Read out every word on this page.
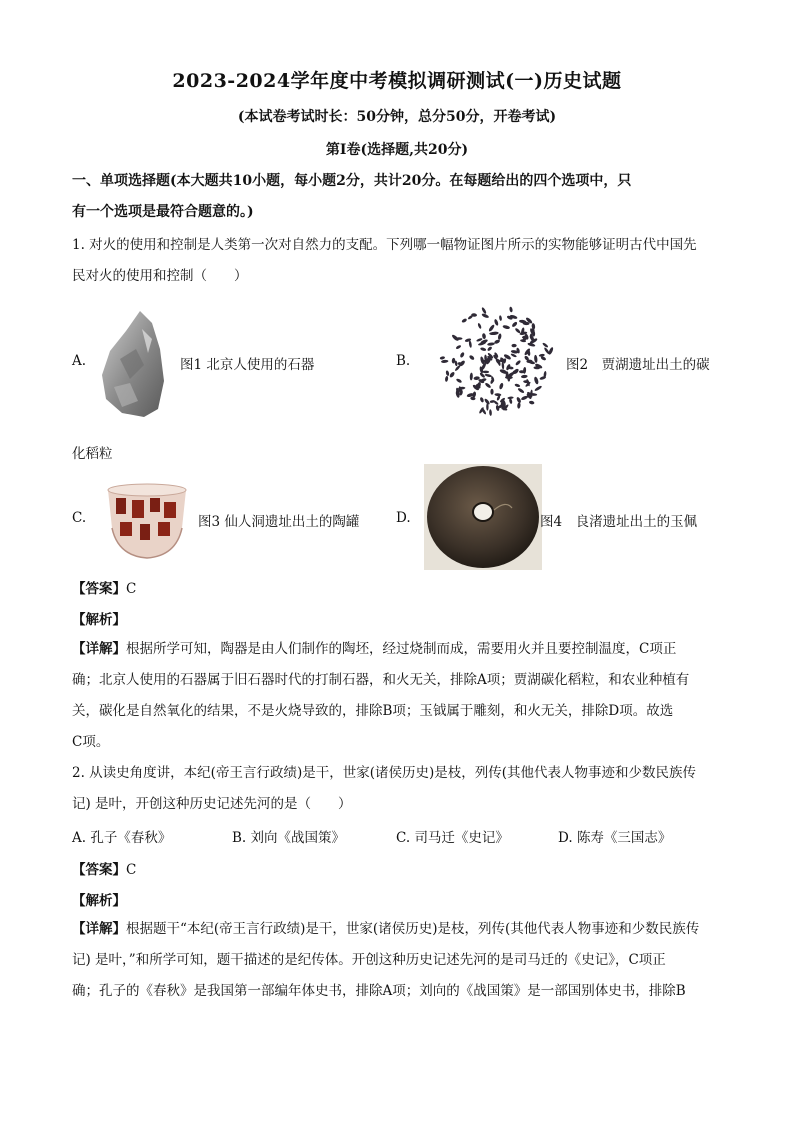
2023-2024学年度中考模拟调研测试(一)历史试题
(本试卷考试时长：50分钟，总分50分，开卷考试)
第Ⅰ卷(选择题,共20分)
一、单项选择题(本大题共10小题，每小题2分，共计20分。在每题给出的四个选项中，只
有一个选项是最符合题意的。)
1. 对火的使用和控制是人类第一次对自然力的支配。下列哪一幅物证图片所示的实物能够证明古代中国先
民对火的使用和控制（　　）
A.	图1 北京人使用的石器	B.	图2　贾湖遗址出土的碳
化稻粒
C.	图3 仙人洞遗址出土的陶罐	D.	图4　良渚遗址出土的玉佩
【答案】C
【解析】
【详解】根据所学可知，陶器是由人们制作的陶坯，经过烧制而成，需要用火并且要控制温度，C项正
确；北京人使用的石器属于旧石器时代的打制石器，和火无关，排除A项；贾湖碳化稻粒，和农业种植有
关，碳化是自然氧化的结果，不是火烧导致的，排除B项；玉钺属于雕刻，和火无关，排除D项。故选
C项。
2. 从读史角度讲，本纪(帝王言行政绩)是干，世家(诸侯历史)是枝，列传(其他代表人物事迹和少数民族传
记) 是叶，开创这种历史记述先河的是（　　）
A. 孔子《春秋》	B. 刘向《战国策》	C. 司马迁《史记》	D. 陈寿《三国志》
【答案】C
【解析】
【详解】根据题干“本纪(帝王言行政绩)是干，世家(诸侯历史)是枝，列传(其他代表人物事迹和少数民族传
记) 是叶，”和所学可知，题干描述的是纪传体。开创这种历史记述先河的是司马迁的《史记》，C项正
确；孔子的《春秋》是我国第一部编年体史书，排除A项；刘向的《战国策》是一部国别体史书，排除B
